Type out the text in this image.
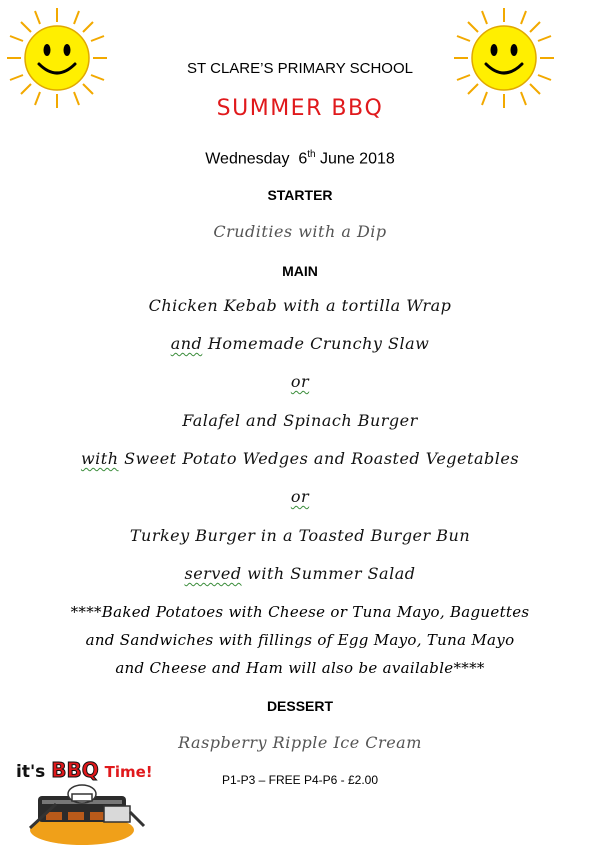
ST CLARE’S PRIMARY SCHOOL
SUMMER BBQ
Wednesday 6th June 2018
STARTER
Crudities with a Dip
MAIN
Chicken Kebab with a tortilla Wrap
and Homemade Crunchy Slaw
or
Falafel and Spinach Burger
with Sweet Potato Wedges and Roasted Vegetables
or
Turkey Burger in a Toasted Burger Bun
served with Summer Salad
****Baked Potatoes with Cheese or Tuna Mayo, Baguettes
and Sandwiches with fillings of Egg Mayo, Tuna Mayo
and Cheese and Ham will also be available****
DESSERT
Raspberry Ripple Ice Cream
P1-P3 – FREE P4-P6 - £2.00
it's BBQ Time!
